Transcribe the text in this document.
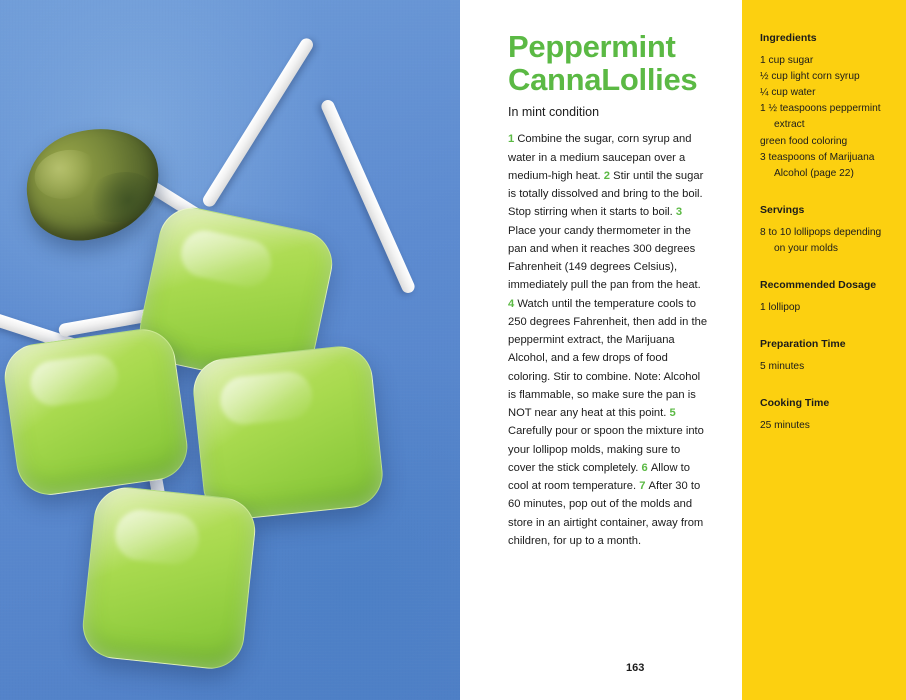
Peppermint
CannaLollies

In mint condition

1 Combine the sugar, corn syrup and water in a medium saucepan over a medium-high heat. 2 Stir until the sugar is totally dissolved and bring to the boil. Stop stirring when it starts to boil. 3 Place your candy thermometer in the pan and when it reaches 300 degrees Fahrenheit (149 degrees Celsius), immediately pull the pan from the heat. 4 Watch until the temperature cools to 250 degrees Fahrenheit, then add in the peppermint extract, the Marijuana Alcohol, and a few drops of food coloring. Stir to combine. Note: Alcohol is flammable, so make sure the pan is NOT near any heat at this point. 5 Carefully pour or spoon the mixture into your lollipop molds, making sure to cover the stick completely. 6 Allow to cool at room temperature. 7 After 30 to 60 minutes, pop out of the molds and store in an airtight container, away from children, for up to a month.
163
Ingredients

1 cup sugar

½ cup light corn syrup

¼ cup water

1 ½ teaspoons peppermint

extract

green food coloring

3 teaspoons of Marijuana

Alcohol (page 22)

Servings

8 to 10 lollipops depending

on your molds

Recommended Dosage

1 lollipop

Preparation Time

5 minutes

Cooking Time

25 minutes
